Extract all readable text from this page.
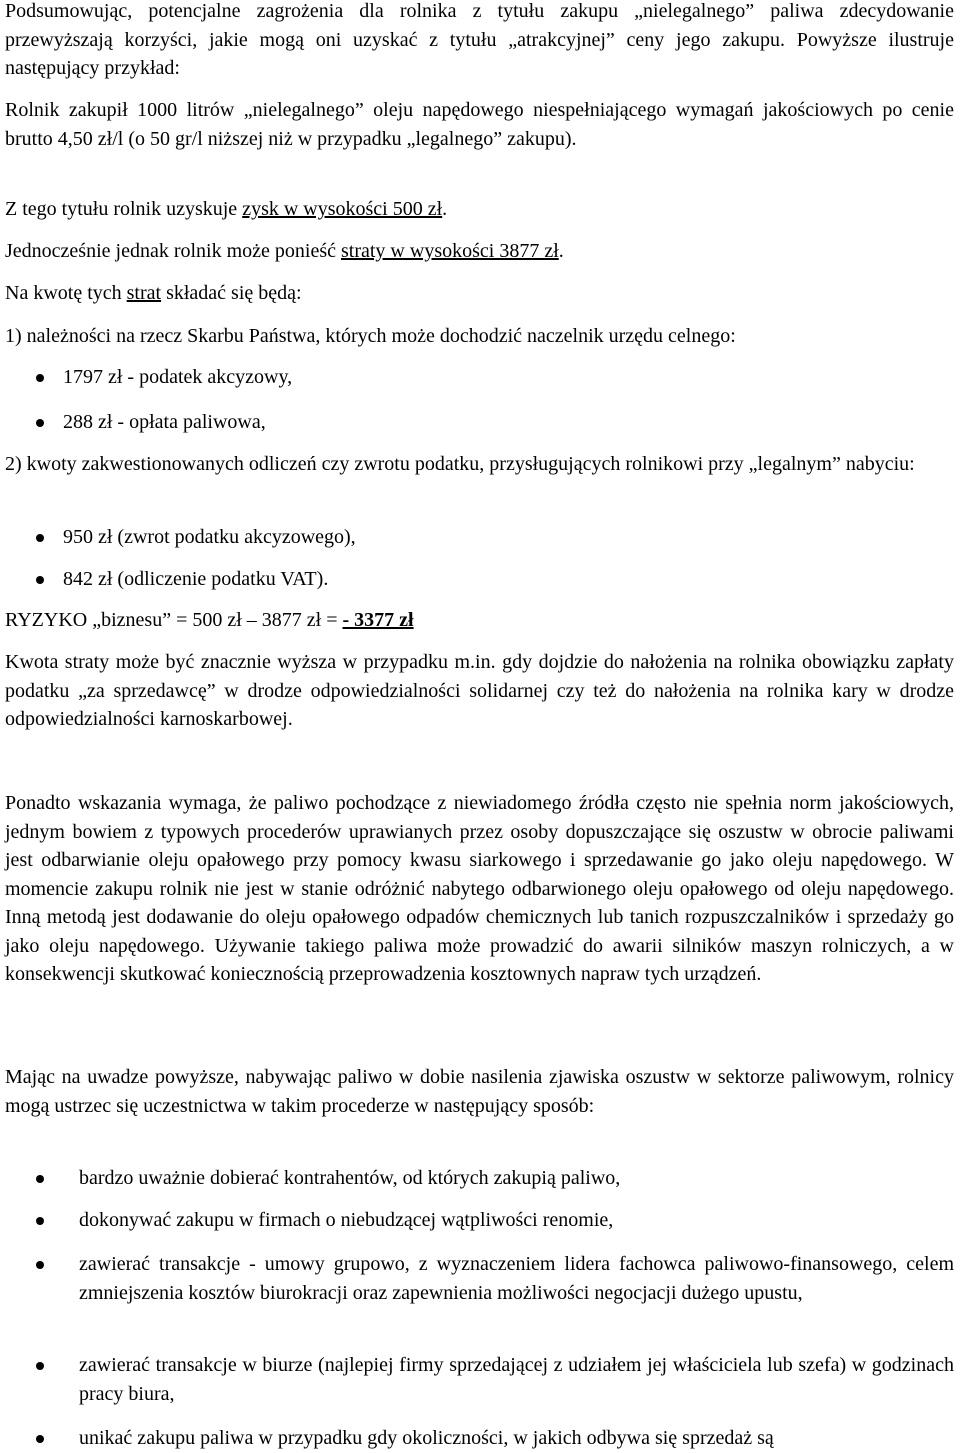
Podsumowując, potencjalne zagrożenia dla rolnika z tytułu zakupu „nielegalnego” paliwa zdecydowanie przewyższają korzyści, jakie mogą oni uzyskać z tytułu „atrakcyjnej” ceny jego zakupu. Powyższe ilustruje następujący przykład:

Rolnik zakupił 1000 litrów „nielegalnego” oleju napędowego niespełniającego wymagań jakościowych po cenie brutto 4,50 zł/l (o 50 gr/l niższej niż w przypadku „legalnego” zakupu).

Z tego tytułu rolnik uzyskuje zysk w wysokości 500 zł.

Jednocześnie jednak rolnik może ponieść straty w wysokości 3877 zł.

Na kwotę tych strat składać się będą:

1) należności na rzecz Skarbu Państwa, których może dochodzić naczelnik urzędu celnego:

1797 zł - podatek akcyzowy,

288 zł - opłata paliwowa,

2) kwoty zakwestionowanych odliczeń czy zwrotu podatku, przysługujących rolnikowi przy „legalnym” nabyciu:

950 zł (zwrot podatku akcyzowego),

842 zł (odliczenie podatku VAT).

RYZYKO „biznesu” = 500 zł – 3877 zł = - 3377 zł

Kwota straty może być znacznie wyższa w przypadku m.in. gdy dojdzie do nałożenia na rolnika obowiązku zapłaty podatku „za sprzedawcę” w drodze odpowiedzialności solidarnej czy też do nałożenia na rolnika kary w drodze odpowiedzialności karnoskarbowej.

Ponadto wskazania wymaga, że paliwo pochodzące z niewiadomego źródła często nie spełnia norm jakościowych, jednym bowiem z typowych procederów uprawianych przez osoby dopuszczające się oszustw w obrocie paliwami jest odbarwianie oleju opałowego przy pomocy kwasu siarkowego i sprzedawanie go jako oleju napędowego. W momencie zakupu rolnik nie jest w stanie odróżnić nabytego odbarwionego oleju opałowego od oleju napędowego. Inną metodą jest dodawanie do oleju opałowego odpadów chemicznych lub tanich rozpuszczalników i sprzedaży go jako oleju napędowego. Używanie takiego paliwa może prowadzić do awarii silników maszyn rolniczych, a w konsekwencji skutkować koniecznością przeprowadzenia kosztownych napraw tych urządzeń.

Mając na uwadze powyższe, nabywając paliwo w dobie nasilenia zjawiska oszustw w sektorze paliwowym, rolnicy mogą ustrzec się uczestnictwa w takim procederze w następujący sposób:

bardzo uważnie dobierać kontrahentów, od których zakupią paliwo,

dokonywać zakupu w firmach o niebudzącej wątpliwości renomie,

zawierać transakcje - umowy grupowo, z wyznaczeniem lidera fachowca paliwowo-finansowego, celem zmniejszenia kosztów biurokracji oraz zapewnienia możliwości negocjacji dużego upustu,

zawierać transakcje w biurze (najlepiej firmy sprzedającej z udziałem jej właściciela lub szefa) w godzinach pracy biura,

unikać zakupu paliwa w przypadku gdy okoliczności, w jakich odbywa się sprzedaż są
